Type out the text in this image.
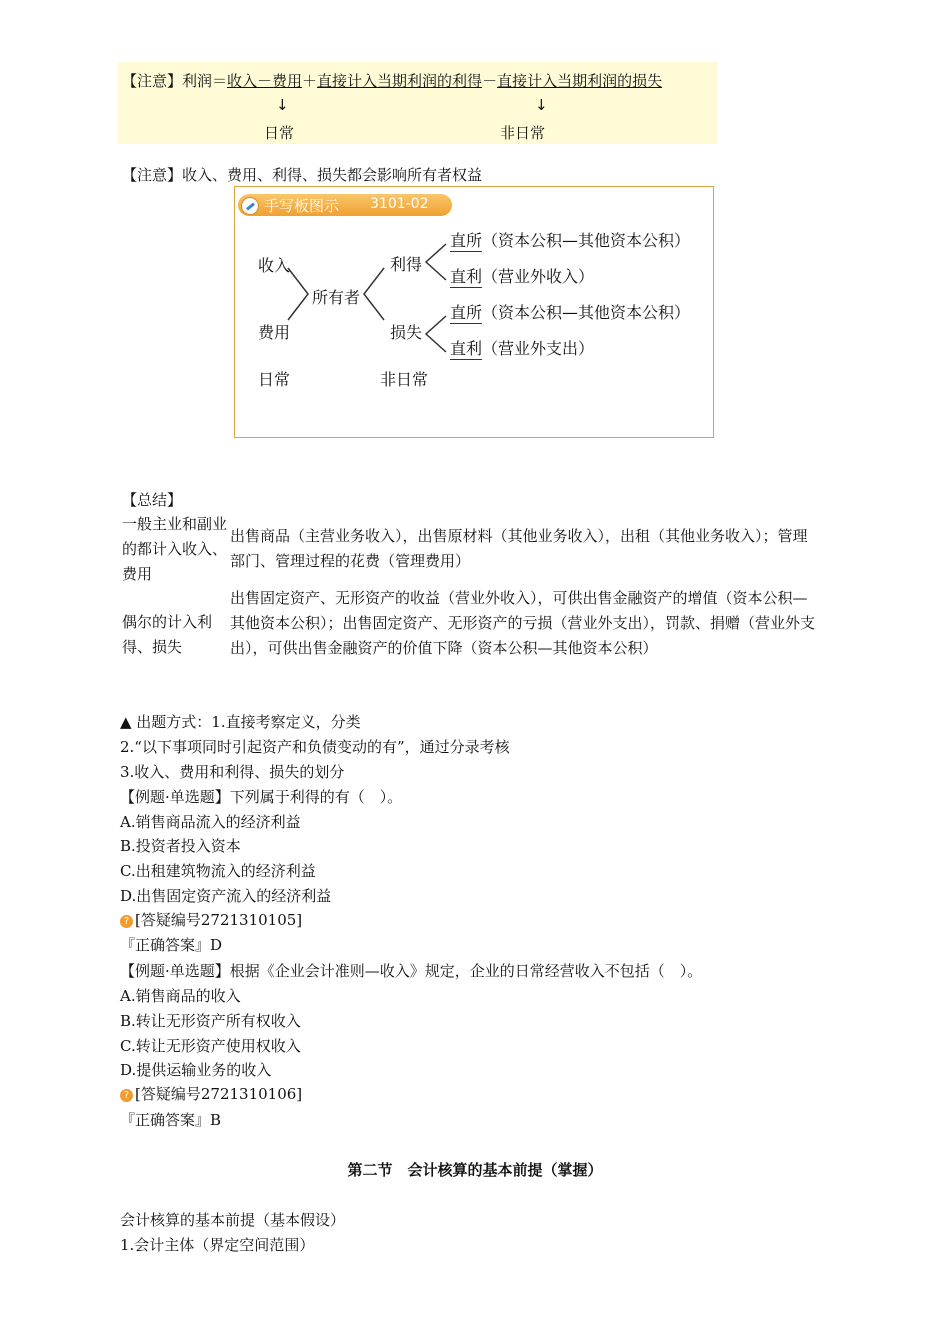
【注意】利润＝收入－费用＋直接计入当期利润的利得－直接计入当期利润的损失
↓	↓
日常	非日常
【注意】收入、费用、利得、损失都会影响所有者权益
手写板图示 3101-02
收入
费用
所有者
利得
损失
日常	非日常
直所（资本公积—其他资本公积）
直利（营业外收入）
直所（资本公积—其他资本公积）
直利（营业外支出）
【总结】
一般主业和副业的都计入收入、费用
出售商品（主营业务收入），出售原材料（其他业务收入），出租（其他业务收入）；管理部门、管理过程的花费（管理费用）
偶尔的计入利得、损失
出售固定资产、无形资产的收益（营业外收入），可供出售金融资产的增值（资本公积—其他资本公积）；出售固定资产、无形资产的亏损（营业外支出），罚款、捐赠（营业外支出），可供出售金融资产的价值下降（资本公积—其他资本公积）
▲ 出题方式：1.直接考察定义，分类
2.“以下事项同时引起资产和负债变动的有”，通过分录考核
3.收入、费用和利得、损失的划分
【例题·单选题】下列属于利得的有（　）。
A.销售商品流入的经济利益
B.投资者投入资本
C.出租建筑物流入的经济利益
D.出售固定资产流入的经济利益
? [答疑编号2721310105]
『正确答案』D
【例题·单选题】根据《企业会计准则—收入》规定，企业的日常经营收入不包括（　）。
A.销售商品的收入
B.转让无形资产所有权收入
C.转让无形资产使用权收入
D.提供运输业务的收入
? [答疑编号2721310106]
『正确答案』B
第二节　会计核算的基本前提（掌握）
会计核算的基本前提（基本假设）
1.会计主体（界定空间范围）
